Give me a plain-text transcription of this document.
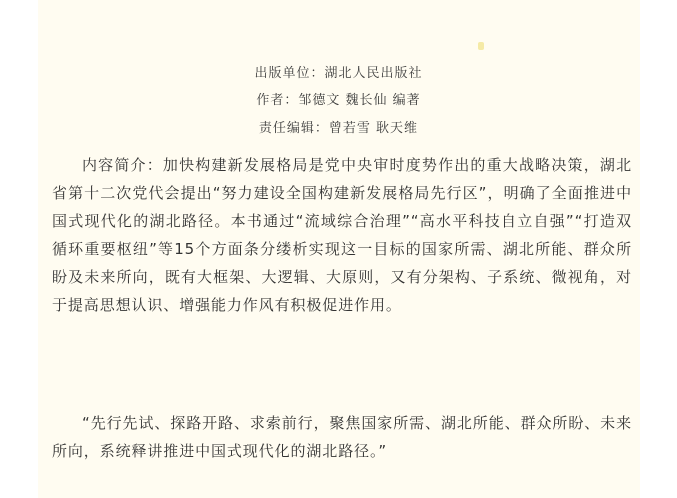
出版单位：湖北人民出版社
作者：邹德文 魏长仙 编著
责任编辑：曾若雪 耿天维

内容简介：加快构建新发展格局是党中央审时度势作出的重大战略决策，湖北省第十二次党代会提出“努力建设全国构建新发展格局先行区”，明确了全面推进中国式现代化的湖北路径。本书通过“流域综合治理”“高水平科技自立自强”“打造双循环重要枢纽”等15个方面条分缕析实现这一目标的国家所需、湖北所能、群众所盼及未来所向，既有大框架、大逻辑、大原则，又有分架构、子系统、微视角，对于提高思想认识、增强能力作风有积极促进作用。

“先行先试、探路开路、求索前行，聚焦国家所需、湖北所能、群众所盼、未来所向，系统释讲推进中国式现代化的湖北路径。”
